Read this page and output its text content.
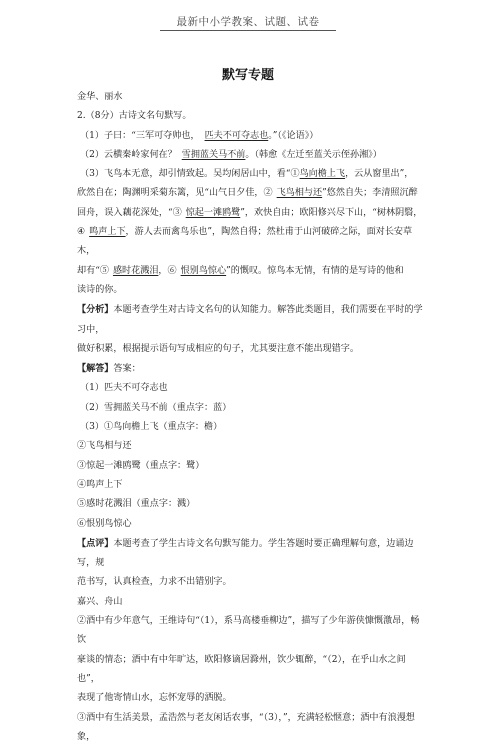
最新中小学教案、试题、试卷
默写专题

金华、丽水

2.（8分）古诗文名句默写。

（1）子曰：“三军可夺帅也， 匹夫不可夺志也。”（《论语》）

（2）云横秦岭家何在？ 雪拥蓝关马不前。（韩愈《左迁至蓝关示侄孙湘》）

（3）飞鸟本无意，却引情致起。吴均闲居山中，看“①鸟向檐上飞，云从窗里出”，

欣然自在；陶渊明采菊东篱，见“山气日夕佳，② 飞鸟相与还”悠然自失；李清照沉醉

回舟，误入藕花深处，“③ 惊起一滩鸥鹭”，欢快自由；欧阳修兴尽下山，“树林阴翳，

④ 鸣声上下，游人去而禽鸟乐也”，陶然自得；然杜甫于山河破碎之际，面对长安草木，

却有“⑤ 感时花溅泪，⑥ 恨别鸟惊心”的慨叹。惊鸟本无情，有情的是写诗的他和

读诗的你。

【分析】本题考查学生对古诗文名句的认知能力。解答此类题目，我们需要在平时的学习中，

做好积累，根据提示语句写成相应的句子，尤其要注意不能出现错字。

【解答】答案：

（1）匹夫不可夺志也

（2）雪拥蓝关马不前（重点字：蓝）

（3）①鸟向檐上飞（重点字：檐）

②飞鸟相与还

③惊起一滩鸥鹭（重点字：鹭）

④鸣声上下

⑤感时花溅泪（重点字：溅）

⑥恨别鸟惊心

【点评】本题考查了学生古诗文名句默写能力。学生答题时要正确理解句意，边诵边写，规

范书写，认真检查，力求不出错别字。

嘉兴、舟山

②酒中有少年意气，王维诗句“（1），系马高楼垂柳边”，描写了少年游侠慷慨激昂，畅饮

豪谈的情态；酒中有中年旷达，欧阳修谪居滁州，饮少辄醉，“（2），在乎山水之间也”，

表现了他寄情山水，忘怀宠辱的洒脱。

③酒中有生活美景，孟浩然与老友闲话农事，“（3），”，充满轻松惬意；酒中有浪漫想象，
